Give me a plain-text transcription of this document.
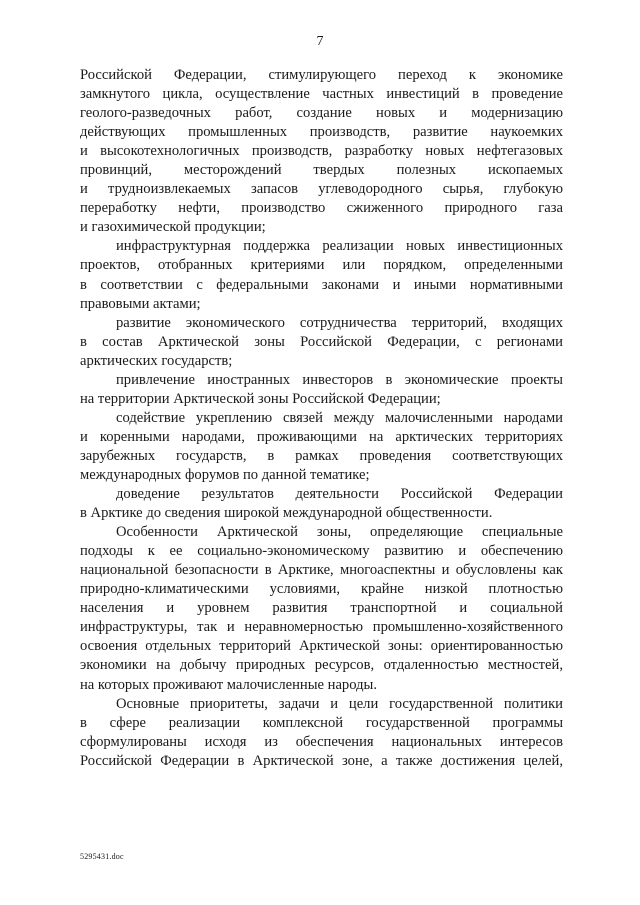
7
Российской Федерации, стимулирующего переход к экономике
замкнутого цикла, осуществление частных инвестиций в проведение
геолого-разведочных работ, создание новых и модернизацию
действующих промышленных производств, развитие наукоемких
и высокотехнологичных производств, разработку новых нефтегазовых
провинций, месторождений твердых полезных ископаемых
и трудноизвлекаемых запасов углеводородного сырья, глубокую
переработку нефти, производство сжиженного природного газа
и газохимической продукции;
инфраструктурная поддержка реализации новых инвестиционных
проектов, отобранных критериями или порядком, определенными
в соответствии с федеральными законами и иными нормативными
правовыми актами;
развитие экономического сотрудничества территорий, входящих
в состав Арктической зоны Российской Федерации, с регионами
арктических государств;
привлечение иностранных инвесторов в экономические проекты
на территории Арктической зоны Российской Федерации;
содействие укреплению связей между малочисленными народами
и коренными народами, проживающими на арктических территориях
зарубежных государств, в рамках проведения соответствующих
международных форумов по данной тематике;
доведение результатов деятельности Российской Федерации
в Арктике до сведения широкой международной общественности.
Особенности Арктической зоны, определяющие специальные
подходы к ее социально-экономическому развитию и обеспечению
национальной безопасности в Арктике, многоаспектны и обусловлены как
природно-климатическими условиями, крайне низкой плотностью
населения и уровнем развития транспортной и социальной
инфраструктуры, так и неравномерностью промышленно-хозяйственного
освоения отдельных территорий Арктической зоны: ориентированностью
экономики на добычу природных ресурсов, отдаленностью местностей,
на которых проживают малочисленные народы.
Основные приоритеты, задачи и цели государственной политики
в сфере реализации комплексной государственной программы
сформулированы исходя из обеспечения национальных интересов
Российской Федерации в Арктической зоне, а также достижения целей,
5295431.doc
